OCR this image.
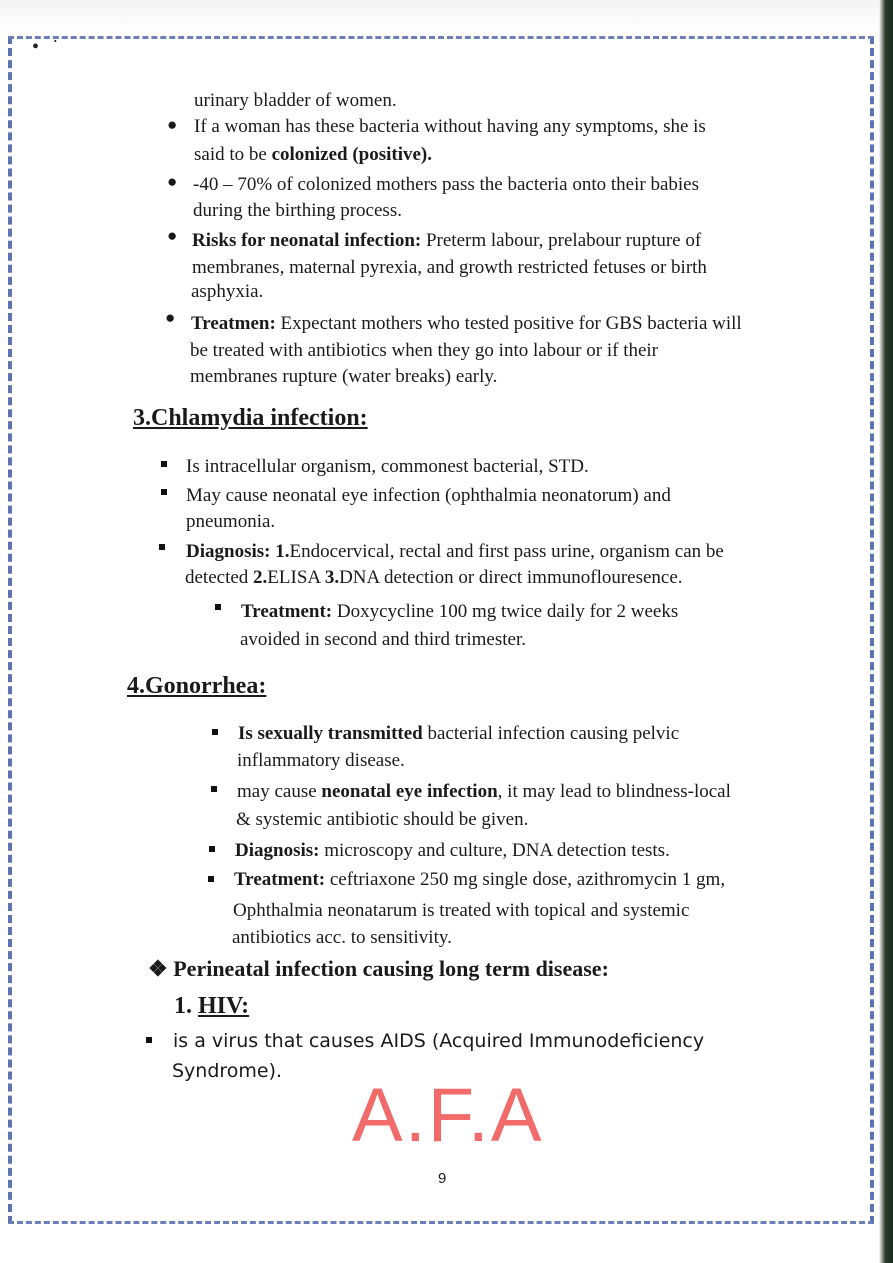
• ˙
urinary bladder of women.
● If a woman has these bacteria without having any symptoms, she is
said to be colonized (positive).
● -40 – 70% of colonized mothers pass the bacteria onto their babies
during the birthing process.
● Risks for neonatal infection: Preterm labour, prelabour rupture of
membranes, maternal pyrexia, and growth restricted fetuses or birth
asphyxia.
● Treatmen: Expectant mothers who tested positive for GBS bacteria will
be treated with antibiotics when they go into labour or if their
membranes rupture (water breaks) early.
3.Chlamydia infection:
Is intracellular organism, commonest bacterial, STD.
May cause neonatal eye infection (ophthalmia neonatorum) and
pneumonia.
Diagnosis: 1.Endocervical, rectal and first pass urine, organism can be
detected 2.ELISA 3.DNA detection or direct immunoflouresence.
Treatment: Doxycycline 100 mg twice daily for 2 weeks
avoided in second and third trimester.
4.Gonorrhea:
Is sexually transmitted bacterial infection causing pelvic
inflammatory disease.
may cause neonatal eye infection, it may lead to blindness-local
& systemic antibiotic should be given.
Diagnosis: microscopy and culture, DNA detection tests.
Treatment: ceftriaxone 250 mg single dose, azithromycin 1 gm,
Ophthalmia neonatarum is treated with topical and systemic
antibiotics acc. to sensitivity.
❖ Perineatal infection causing long term disease:
1. HIV:
is a virus that causes AIDS (Acquired Immunodeficiency
Syndrome).
A.F.A
9
